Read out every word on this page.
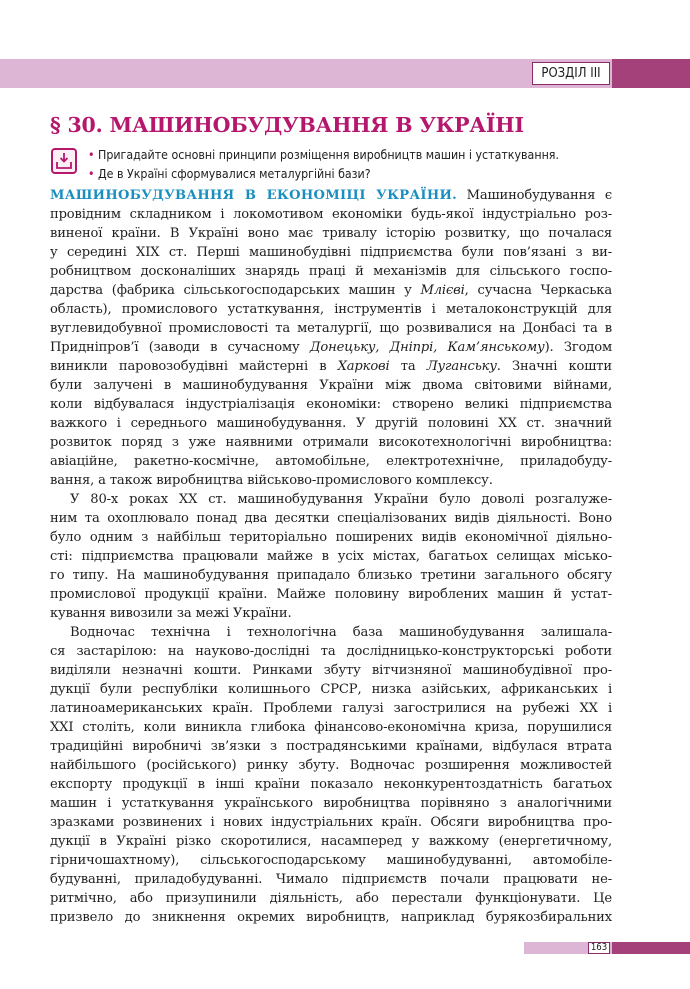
РОЗДІЛ III
§ 30. МАШИНОБУДУВАННЯ В УКРАЇНІ
• Пригадайте основні принципи розміщення виробництв машин і устаткування.
• Де в Україні сформувалися металургійні бази?

МАШИНОБУДУВАННЯ В ЕКОНОМІЦІ УКРАЇНИ. Машинобудування є
провідним складником і локомотивом економіки будь-якої індустріально роз-
виненої країни. В Україні воно має тривалу історію розвитку, що почалася
у середині XIX ст. Перші машинобудівні підприємства були пов’язані з ви-
робництвом досконаліших знарядь праці й механізмів для сільського госпо-
дарства (фабрика сільськогосподарських машин у Млієві, сучасна Черкаська
область), промислового устаткування, інструментів і металоконструкцій для
вуглевидобувної промисловості та металургії, що розвивалися на Донбасі та в
Придніпров’ї (заводи в сучасному Донецьку, Дніпрі, Кам’янському). Згодом
виникли паровозобудівні майстерні в Харкові та Луганську. Значні кошти
були залучені в машинобудування України між двома світовими війнами,
коли відбувалася індустріалізація економіки: створено великі підприємства
важкого і середнього машинобудування. У другій половині XX ст. значний
розвиток поряд з уже наявними отримали високотехнологічні виробництва:
авіаційне, ракетно-космічне, автомобільне, електротехнічне, приладобуду-
вання, а також виробництва військово-промислового комплексу.

У 80-х роках XX ст. машинобудування України було доволі розгалуже-
ним та охоплювало понад два десятки спеціалізованих видів діяльності. Воно
було одним з найбільш територіально поширених видів економічної діяльно-
сті: підприємства працювали майже в усіх містах, багатьох селищах місько-
го типу. На машинобудування припадало близько третини загального обсягу
промислової продукції країни. Майже половину вироблених машин й устат-
кування вивозили за межі України.

Водночас технічна і технологічна база машинобудування залишала-
ся застарілою: на науково-дослідні та дослідницько-конструкторські роботи
виділяли незначні кошти. Ринками збуту вітчизняної машинобудівної про-
дукції були республіки колишнього СРСР, низка азійських, африканських і
латиноамериканських країн. Проблеми галузі загострилися на рубежі XX і
XXI століть, коли виникла глибока фінансово-економічна криза, порушилися
традиційні виробничі зв’язки з пострадянськими країнами, відбулася втрата
найбільшого (російського) ринку збуту. Водночас розширення можливостей
експорту продукції в інші країни показало неконкурентоздатність багатьох
машин і устаткування українського виробництва порівняно з аналогічними
зразками розвинених і нових індустріальних країн. Обсяги виробництва про-
дукції в Україні різко скоротилися, насамперед у важкому (енергетичному,
гірничошахтному), сільськогосподарському машинобудуванні, автомобіле-
будуванні, приладобудуванні. Чимало підприємств почали працювати не-
ритмічно, або призупинили діяльність, або перестали функціонувати. Це
призвело до зникнення окремих виробництв, наприклад бурякозбиральних

163
